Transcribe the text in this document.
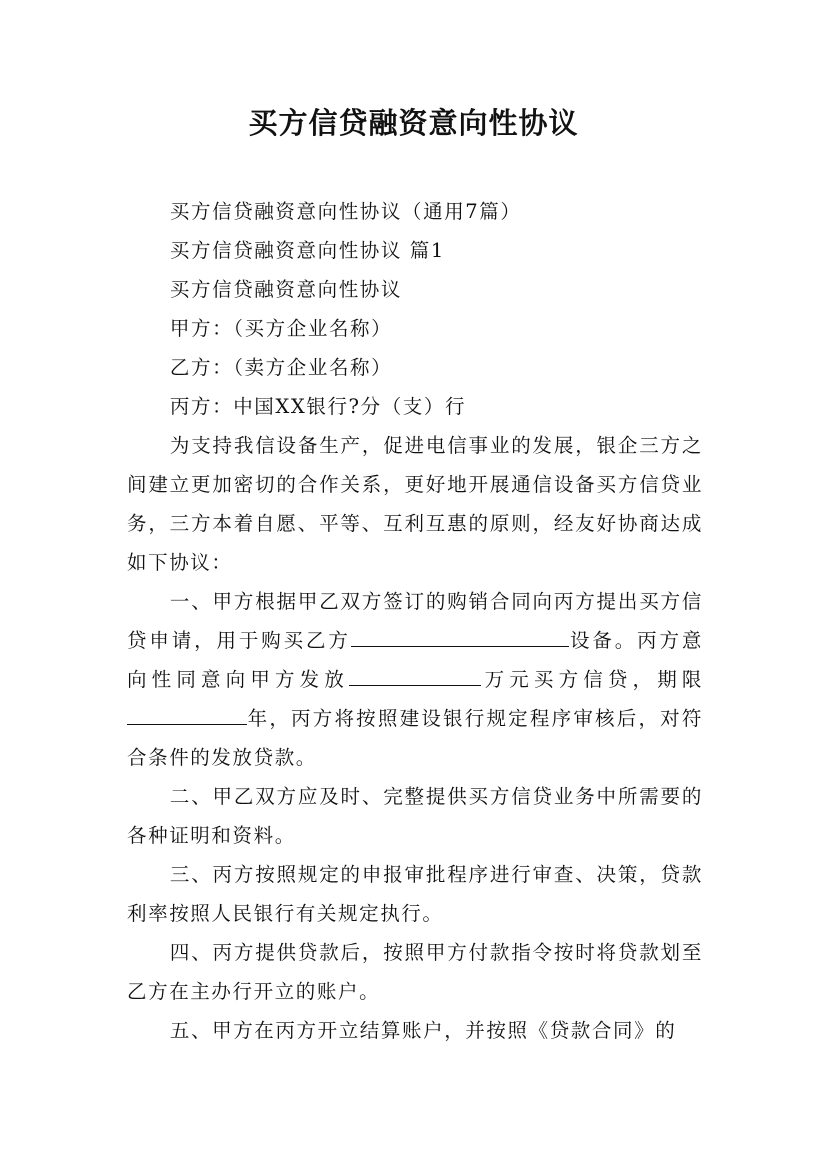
买方信贷融资意向性协议

买方信贷融资意向性协议（通用7篇）

买方信贷融资意向性协议 篇1

买方信贷融资意向性协议

甲方：（买方企业名称）

乙方：（卖方企业名称）

丙方：中国XX银行?分（支）行

为支持我信设备生产，促进电信事业的发展，银企三方之间建立更加密切的合作关系，更好地开展通信设备买方信贷业务，三方本着自愿、平等、互利互惠的原则，经友好协商达成如下协议：

一、甲方根据甲乙双方签订的购销合同向丙方提出买方信贷申请，用于购买乙方	设备。丙方意向性同意向甲方发放	万元买方信贷，期限年，丙方将按照建设银行规定程序审核后，对符合条件的发放贷款。

二、甲乙双方应及时、完整提供买方信贷业务中所需要的各种证明和资料。

三、丙方按照规定的申报审批程序进行审查、决策，贷款利率按照人民银行有关规定执行。

四、丙方提供贷款后，按照甲方付款指令按时将贷款划至乙方在主办行开立的账户。

五、甲方在丙方开立结算账户，并按照《贷款合同》的
